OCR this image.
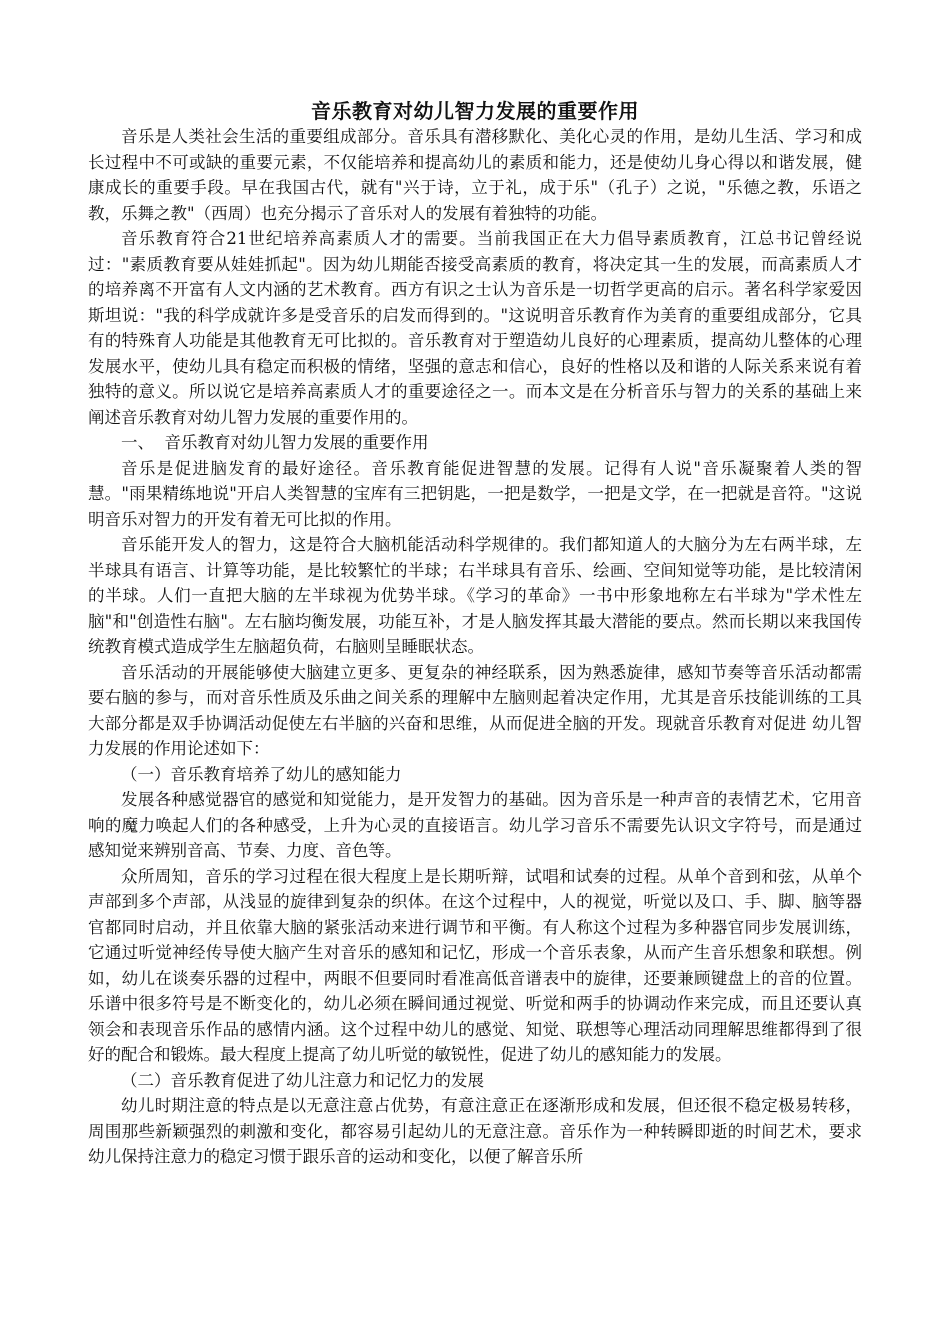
音乐教育对幼儿智力发展的重要作用
音乐是人类社会生活的重要组成部分。音乐具有潜移默化、美化心灵的作用，是幼儿生活、学习和成长过程中不可或缺的重要元素，不仅能培养和提高幼儿的素质和能力，还是使幼儿身心得以和谐发展，健康成长的重要手段。早在我国古代，就有"兴于诗，立于礼，成于乐"（孔子）之说，"乐德之教，乐语之教，乐舞之教"（西周）也充分揭示了音乐对人的发展有着独特的功能。
音乐教育符合21世纪培养高素质人才的需要。当前我国正在大力倡导素质教育，江总书记曾经说过："素质教育要从娃娃抓起"。因为幼儿期能否接受高素质的教育，将决定其一生的发展，而高素质人才的培养离不开富有人文内涵的艺术教育。西方有识之士认为音乐是一切哲学更高的启示。著名科学家爱因斯坦说："我的科学成就许多是受音乐的启发而得到的。"这说明音乐教育作为美育的重要组成部分，它具有的特殊育人功能是其他教育无可比拟的。音乐教育对于塑造幼儿良好的心理素质，提高幼儿整体的心理发展水平，使幼儿具有稳定而积极的情绪，坚强的意志和信心，良好的性格以及和谐的人际关系来说有着独特的意义。所以说它是培养高素质人才的重要途径之一。而本文是在分析音乐与智力的关系的基础上来阐述音乐教育对幼儿智力发展的重要作用的。
一、  音乐教育对幼儿智力发展的重要作用
音乐是促进脑发育的最好途径。音乐教育能促进智慧的发展。记得有人说"音乐凝聚着人类的智慧。"雨果精练地说"开启人类智慧的宝库有三把钥匙，一把是数学，一把是文学，在一把就是音符。"这说明音乐对智力的开发有着无可比拟的作用。
音乐能开发人的智力，这是符合大脑机能活动科学规律的。我们都知道人的大脑分为左右两半球，左半球具有语言、计算等功能，是比较繁忙的半球；右半球具有音乐、绘画、空间知觉等功能，是比较清闲的半球。人们一直把大脑的左半球视为优势半球。《学习的革命》一书中形象地称左右半球为"学术性左脑"和"创造性右脑"。左右脑均衡发展，功能互补，才是人脑发挥其最大潜能的要点。然而长期以来我国传统教育模式造成学生左脑超负荷，右脑则呈睡眠状态。
音乐活动的开展能够使大脑建立更多、更复杂的神经联系，因为熟悉旋律，感知节奏等音乐活动都需要右脑的参与，而对音乐性质及乐曲之间关系的理解中左脑则起着决定作用，尤其是音乐技能训练的工具大部分都是双手协调活动促使左右半脑的兴奋和思维，从而促进全脑的开发。现就音乐教育对促进 幼儿智力发展的作用论述如下：
（一）音乐教育培养了幼儿的感知能力
发展各种感觉器官的感觉和知觉能力，是开发智力的基础。因为音乐是一种声音的表情艺术，它用音响的魔力唤起人们的各种感受，上升为心灵的直接语言。幼儿学习音乐不需要先认识文字符号，而是通过感知觉来辨别音高、节奏、力度、音色等。
众所周知，音乐的学习过程在很大程度上是长期听辩，试唱和试奏的过程。从单个音到和弦，从单个声部到多个声部，从浅显的旋律到复杂的织体。在这个过程中，人的视觉，听觉以及口、手、脚、脑等器官都同时启动，并且依靠大脑的紧张活动来进行调节和平衡。有人称这个过程为多种器官同步发展训练，它通过听觉神经传导使大脑产生对音乐的感知和记忆，形成一个音乐表象，从而产生音乐想象和联想。例如，幼儿在谈奏乐器的过程中，两眼不但要同时看准高低音谱表中的旋律，还要兼顾键盘上的音的位置。乐谱中很多符号是不断变化的，幼儿必须在瞬间通过视觉、听觉和两手的协调动作来完成，而且还要认真领会和表现音乐作品的感情内涵。这个过程中幼儿的感觉、知觉、联想等心理活动同理解思维都得到了很好的配合和锻炼。最大程度上提高了幼儿听觉的敏锐性，促进了幼儿的感知能力的发展。
（二）音乐教育促进了幼儿注意力和记忆力的发展
幼儿时期注意的特点是以无意注意占优势，有意注意正在逐渐形成和发展，但还很不稳定极易转移，周围那些新颖强烈的刺激和变化，都容易引起幼儿的无意注意。音乐作为一种转瞬即逝的时间艺术，要求幼儿保持注意力的稳定习惯于跟乐音的运动和变化，以便了解音乐所
